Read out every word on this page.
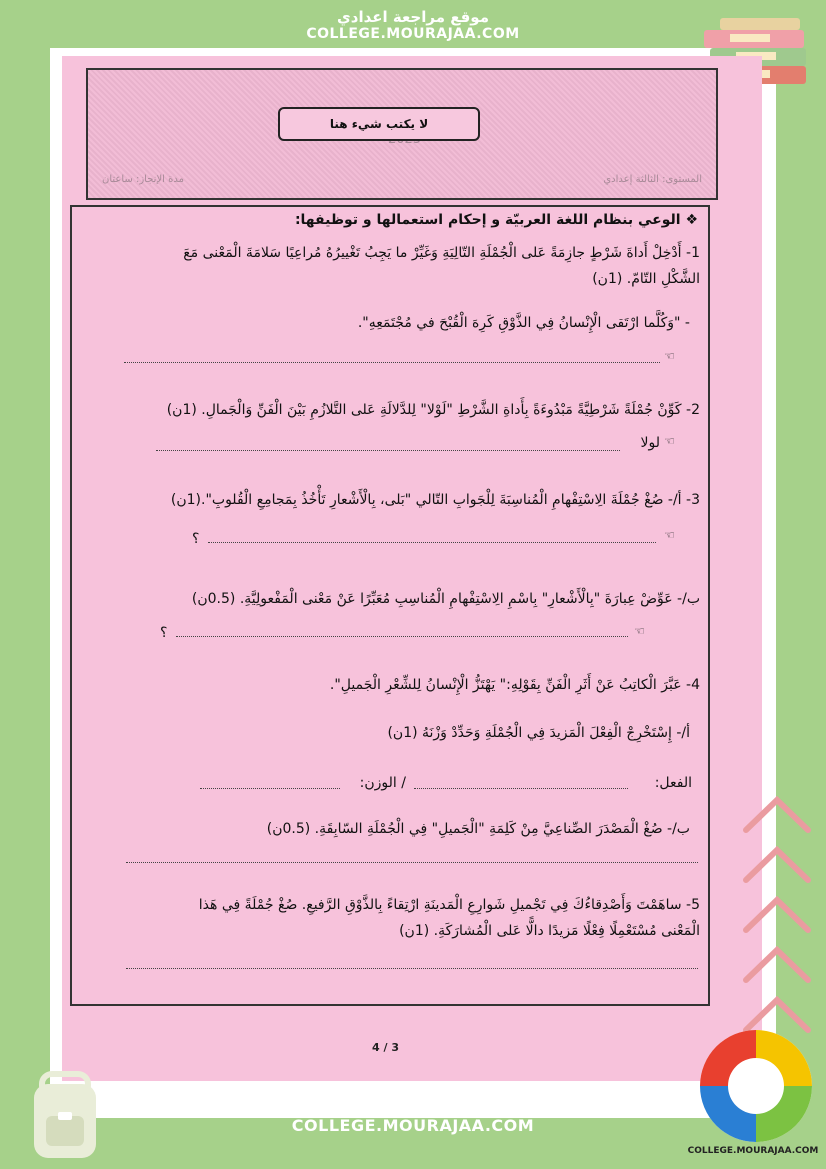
موقع مراجعة اعدادي
COLLEGE.MOURAJAA.COM
المستوى: الثالثة إعدادي
مدة الإنجاز: ساعتان
لا يكتب شيء هنا
❖ الوعي بنظام اللغة العربيّة و إحكام استعمالها و توظيفها:
1- أَدْخِلْ أَداةَ شَرْطٍ جازِمَةً عَلى الْجُمْلَةِ التّالِيَةِ وَغَيِّرْ ما يَجِبُ تَغْييرُهُ مُراعِيًا سَلامَةَ الْمَعْنى مَعَ
الشَّكْلِ التّامّ. (1ن)
- "وَكُلَّما ارْتَقى الْإِنْسانُ فِي الذَّوْقِ كَرِهَ الْقُبْحَ في مُجْتَمَعِهِ".
☜
2- كَوِّنْ جُمْلَةً شَرْطِيَّةً مَبْدُوءَةً بِأَداةِ الشَّرْطِ "لَوْلا" لِلدَّلالَةِ عَلى التَّلازُمِ بَيْنَ الْفَنِّ وَالْجَمالِ. (1ن)
☜
لولا
3- أ/- صُغْ جُمْلَةَ الِاسْتِفْهامِ الْمُناسِبَةَ لِلْجَوابِ التّالي "بَلى، بِالْأَشْعارِ تَأْخُذُ بِمَجامِعِ الْقُلوبِ".(1ن)
☜
؟
ب/- عَوِّضْ عِبارَةَ "بِالْأَشْعارِ" بِاسْمِ الِاسْتِفْهامِ الْمُناسِبِ مُعَبِّرًا عَنْ مَعْنى الْمَفْعولِيَّةِ. (0.5ن)
☜
؟
4- عَبَّرَ الْكاتِبُ عَنْ أَثَرِ الْفَنِّ بِقَوْلِهِ:" يَهْتَزُّ الْإِنْسانُ لِلشِّعْرِ الْجَميلِ".
أ/- إِسْتَخْرِجْ الْفِعْلَ الْمَزيدَ فِي الْجُمْلَةِ وَحَدِّدْ وَزْنَهُ (1ن)
الفعل:
/ الوزن:
ب/- صُغْ الْمَصْدَرَ الصِّناعِيَّ مِنْ كَلِمَةِ "الْجَميلِ" فِي الْجُمْلَةِ السّابِقَةِ. (0.5ن)
5- ساهَمْتَ وَأَصْدِقاءُكَ فِي تَجْميلِ شَوارِعِ الْمَدينَةِ ارْتِقاءً بِالذَّوْقِ الرَّفيعِ. صُغْ جُمْلَةً فِي هَذا
الْمَعْنى مُسْتَعْمِلًا فِعْلًا مَزيدًا دالًّا عَلى الْمُشارَكَةِ. (1ن)
4 / 3
COLLEGE.MOURAJAA.COM
موقع مراجعة اعدادي
COLLEGE.MOURAJAA.COM
